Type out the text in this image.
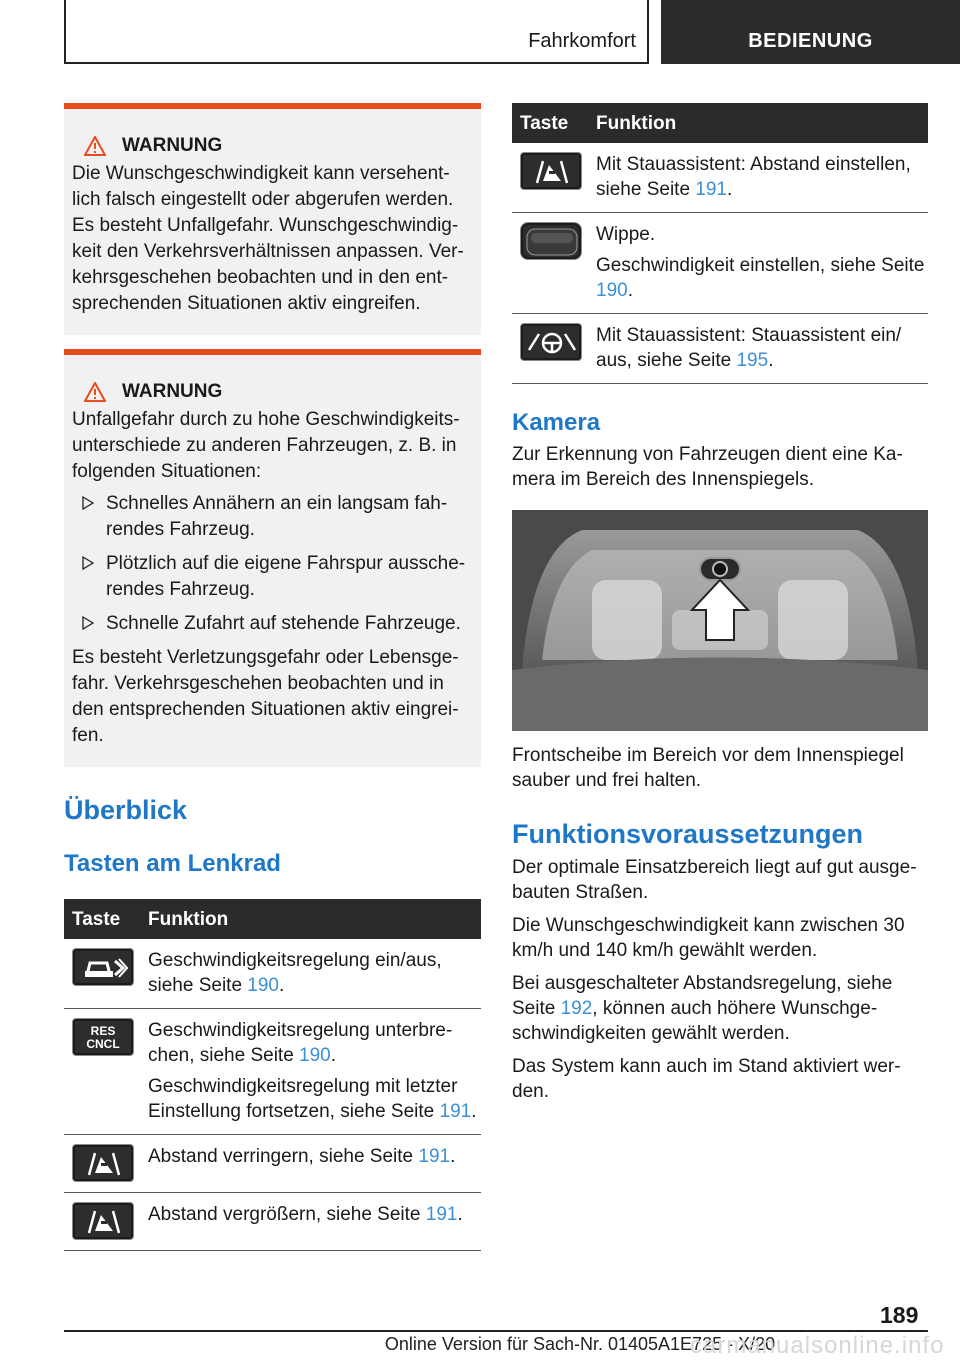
Fahrkomfort	BEDIENUNG
WARNUNG

Die Wunschgeschwindigkeit kann versehentlich falsch eingestellt oder abgerufen werden. Es besteht Unfallgefahr. Wunschgeschwindigkeit den Verkehrsverhältnissen anpassen. Verkehrsgeschehen beobachten und in den entsprechenden Situationen aktiv eingreifen.

WARNUNG

Unfallgefahr durch zu hohe Geschwindigkeitsunterschiede zu anderen Fahrzeugen, z. B. in folgenden Situationen:

Schnelles Annähern an ein langsam fahrendes Fahrzeug.
Plötzlich auf die eigene Fahrspur ausscherendes Fahrzeug.
Schnelle Zufahrt auf stehende Fahrzeuge.

Es besteht Verletzungsgefahr oder Lebensgefahr. Verkehrsgeschehen beobachten und in den entsprechenden Situationen aktiv eingreifen.

Überblick
Tasten am Lenkrad
Taste	Funktion

	Geschwindigkeitsregelung ein/aus, siehe Seite 190.

RES CNCL	Geschwindigkeitsregelung unterbrechen, siehe Seite 190.

Geschwindigkeitsregelung mit letzter Einstellung fortsetzen, siehe Seite 191.

	Abstand verringern, siehe Seite 191.

	Abstand vergrößern, siehe Seite 191.
Taste	Funktion

	Mit Stauassistent: Abstand einstellen, siehe Seite 191.

Wippe.

Geschwindigkeit einstellen, siehe Seite 190.

	Mit Stauassistent: Stauassistent ein/ aus, siehe Seite 195.
Kamera

Zur Erkennung von Fahrzeugen dient eine Kamera im Bereich des Innenspiegels.

Frontscheibe im Bereich vor dem Innenspiegel sauber und frei halten.

Funktionsvoraussetzungen

Der optimale Einsatzbereich liegt auf gut ausgebauten Straßen.

Die Wunschgeschwindigkeit kann zwischen 30 km/h und 140 km/h gewählt werden.

Bei ausgeschalteter Abstandsregelung, siehe Seite 192, können auch höhere Wunschgeschwindigkeiten gewählt werden.

Das System kann auch im Stand aktiviert werden.

189
Online Version für Sach-Nr. 01405A1E725 - X/20
carmanualsonline.info
